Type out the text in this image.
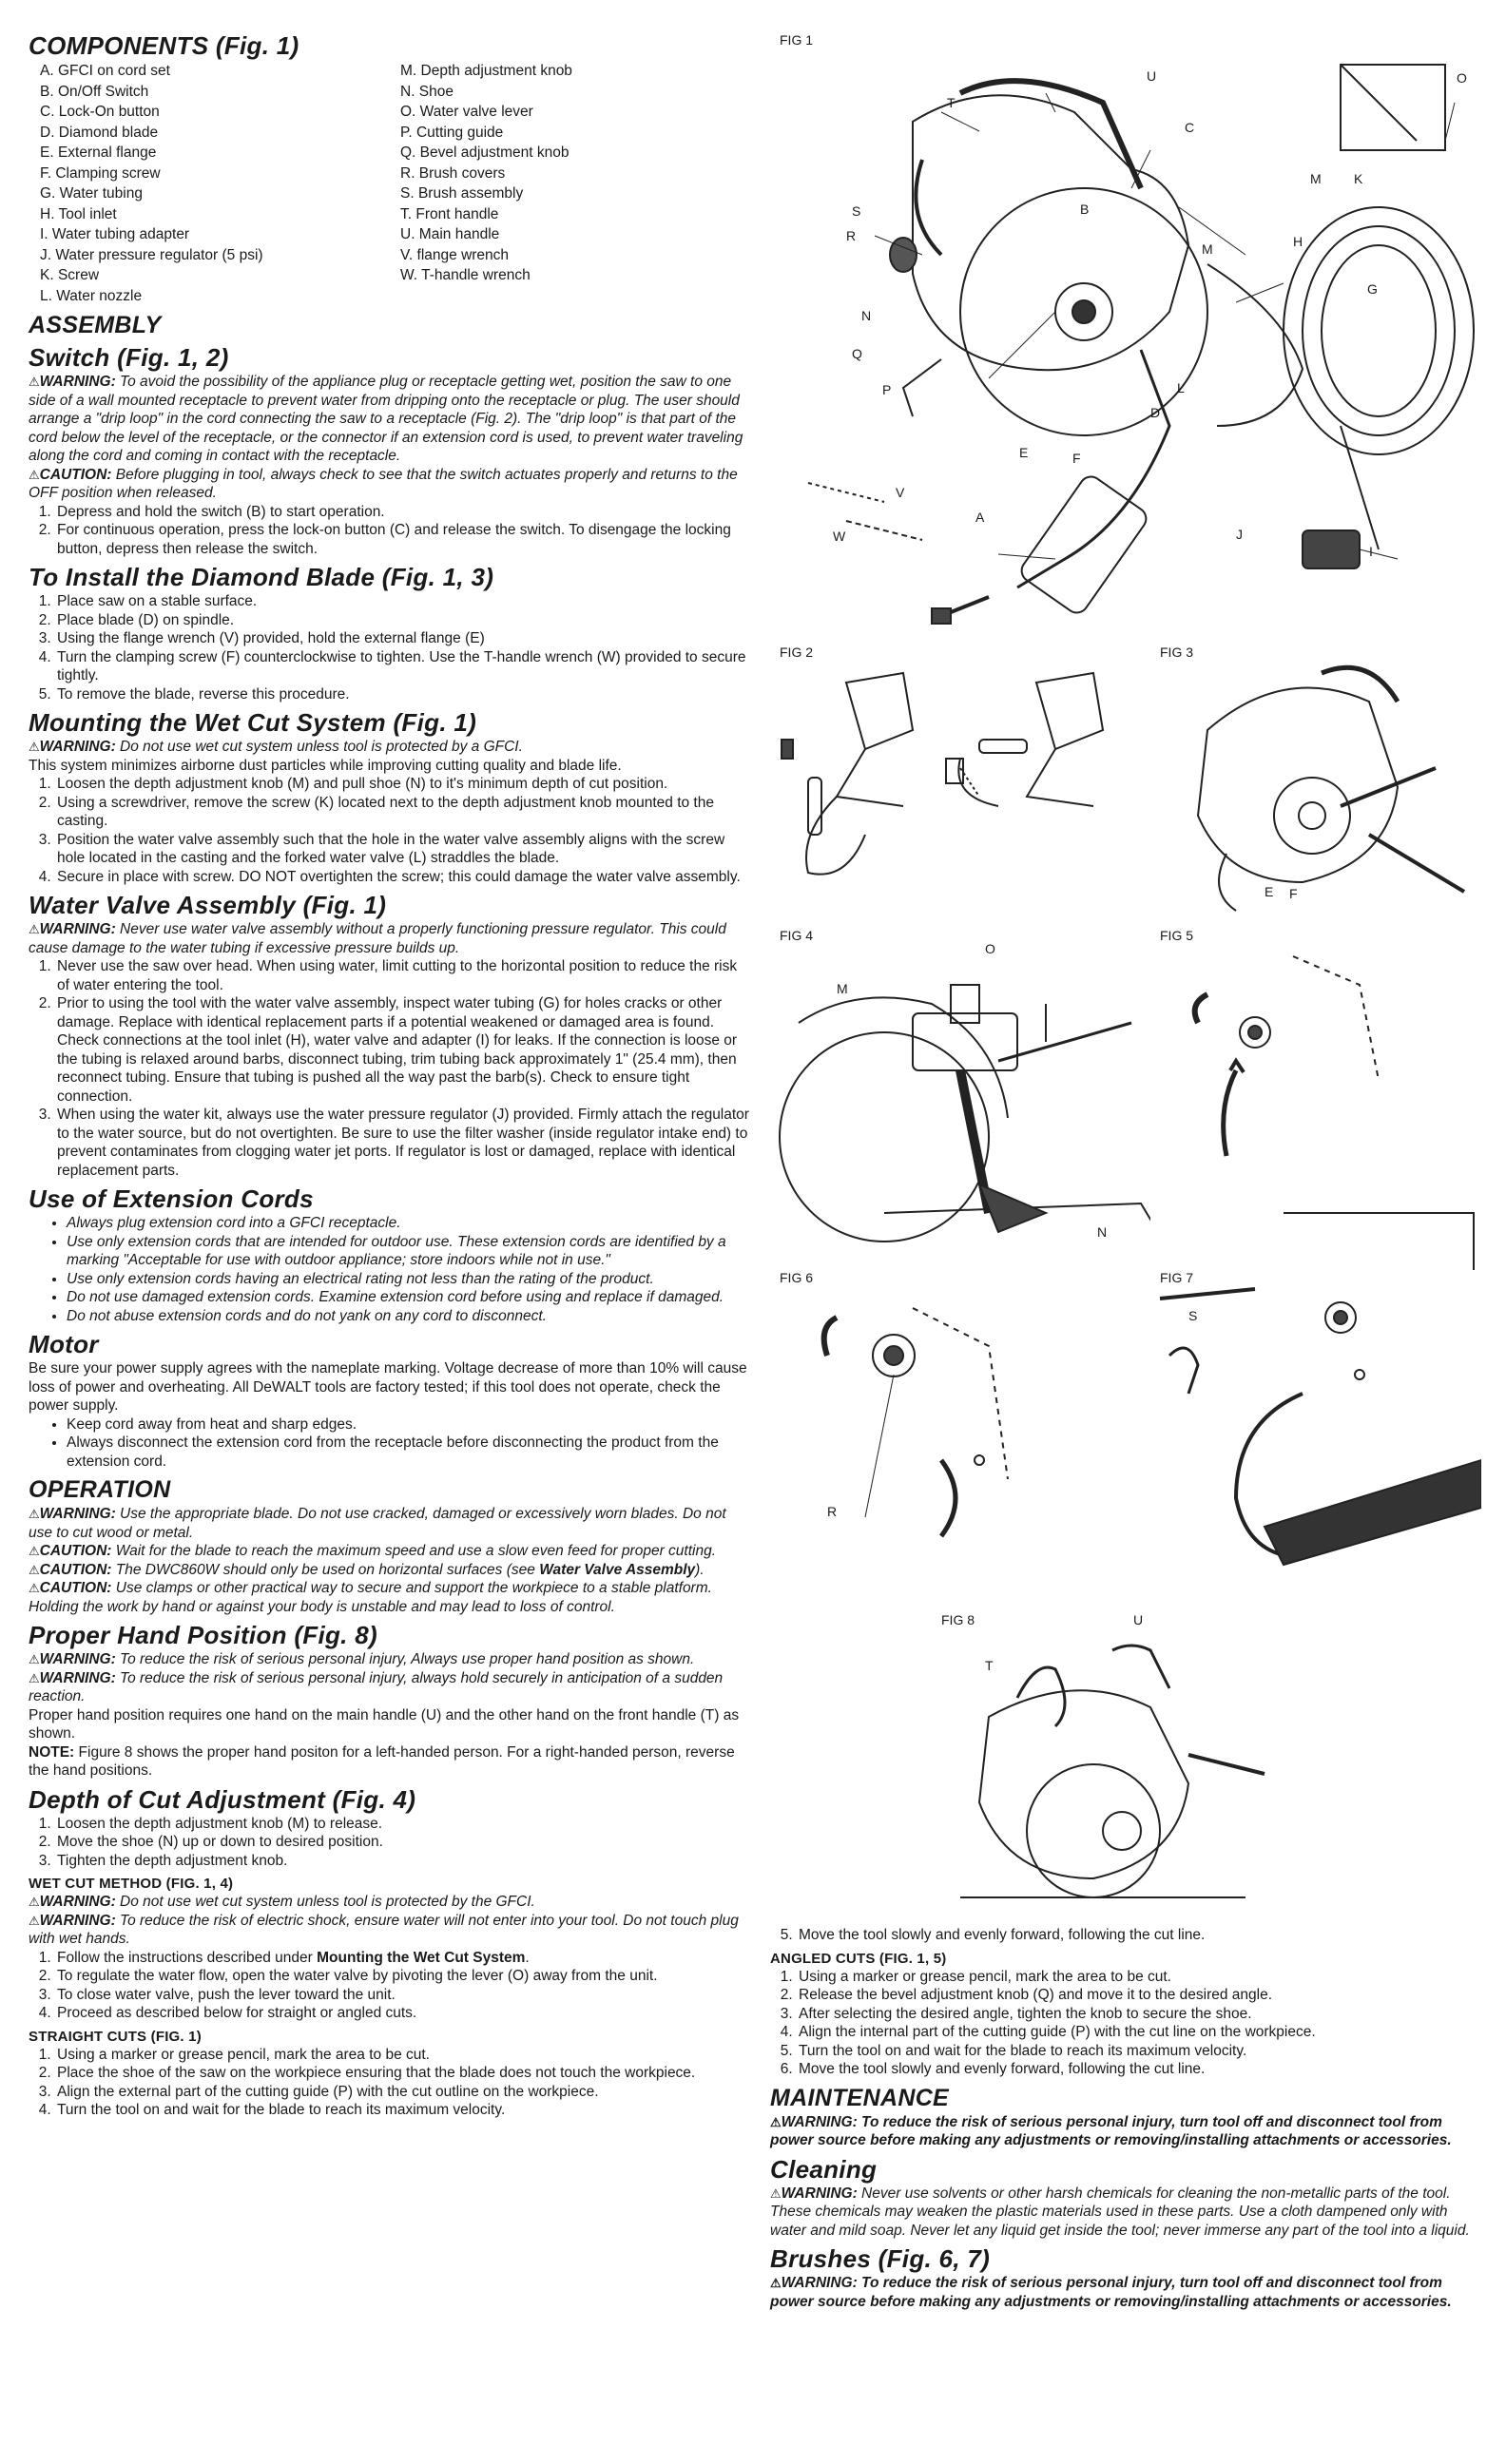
COMPONENTS (Fig. 1)
A. GFCI on cord set
B. On/Off Switch
C. Lock-On button
D. Diamond blade
E. External flange
F. Clamping screw
G. Water tubing
H. Tool inlet
I. Water tubing adapter
J. Water pressure regulator (5 psi)
K. Screw
L. Water nozzle
M. Depth adjustment knob
N. Shoe
O. Water valve lever
P. Cutting guide
Q. Bevel adjustment knob
R. Brush covers
S. Brush assembly
T. Front handle
U. Main handle
V. flange wrench
W. T-handle wrench
ASSEMBLY
Switch (Fig. 1, 2)

⚠WARNING: To avoid the possibility of the appliance plug or receptacle getting wet, position the saw to one side of a wall mounted receptacle to prevent water from dripping onto the receptacle or plug. The user should arrange a "drip loop" in the cord connecting the saw to a receptacle (Fig. 2). The "drip loop" is that part of the cord below the level of the receptacle, or the connector if an extension cord is used, to prevent water traveling along the cord and coming in contact with the receptacle.

⚠CAUTION: Before plugging in tool, always check to see that the switch actuates properly and returns to the OFF position when released.

1. Depress and hold the switch (B) to start operation.
2. For continuous operation, press the lock-on button (C) and release the switch. To disengage the locking button, depress then release the switch.
To Install the Diamond Blade (Fig. 1, 3)
1. Place saw on a stable surface.
2. Place blade (D) on spindle.
3. Using the flange wrench (V) provided, hold the external flange (E)
4. Turn the clamping screw (F) counterclockwise to tighten. Use the T-handle wrench (W) provided to secure tightly.
5. To remove the blade, reverse this procedure.
Mounting the Wet Cut System (Fig. 1)

⚠WARNING: Do not use wet cut system unless tool is protected by a GFCI.

This system minimizes airborne dust particles while improving cutting quality and blade life.

1. Loosen the depth adjustment knob (M) and pull shoe (N) to it's minimum depth of cut position.
2. Using a screwdriver, remove the screw (K) located next to the depth adjustment knob mounted to the casting.
3. Position the water valve assembly such that the hole in the water valve assembly aligns with the screw hole located in the casting and the forked water valve (L) straddles the blade.
4. Secure in place with screw. DO NOT overtighten the screw; this could damage the water valve assembly.
Water Valve Assembly (Fig. 1)

⚠WARNING: Never use water valve assembly without a properly functioning pressure regulator. This could cause damage to the water tubing if excessive pressure builds up.

1. Never use the saw over head. When using water, limit cutting to the horizontal position to reduce the risk of water entering the tool.
2. Prior to using the tool with the water valve assembly, inspect water tubing (G) for holes cracks or other damage. Replace with identical replacement parts if a potential weakened or damaged area is found. Check connections at the tool inlet (H), water valve and adapter (I) for leaks. If the connection is loose or the tubing is relaxed around barbs, disconnect tubing, trim tubing back approximately 1" (25.4 mm), then reconnect tubing. Ensure that tubing is pushed all the way past the barb(s). Check to ensure tight connection.
3. When using the water kit, always use the water pressure regulator (J) provided. Firmly attach the regulator to the water source, but do not overtighten. Be sure to use the filter washer (inside regulator intake end) to prevent contaminates from clogging water jet ports. If regulator is lost or damaged, replace with identical replacement parts.
Use of Extension Cords
• Always plug extension cord into a GFCI receptacle.
• Use only extension cords that are intended for outdoor use. These extension cords are identified by a marking "Acceptable for use with outdoor appliance; store indoors while not in use."
• Use only extension cords having an electrical rating not less than the rating of the product.
• Do not use damaged extension cords. Examine extension cord before using and replace if damaged.
• Do not abuse extension cords and do not yank on any cord to disconnect.
Motor

Be sure your power supply agrees with the nameplate marking. Voltage decrease of more than 10% will cause loss of power and overheating. All DeWALT tools are factory tested; if this tool does not operate, check the power supply.

• Keep cord away from heat and sharp edges.
• Always disconnect the extension cord from the receptacle before disconnecting the product from the extension cord.
OPERATION

⚠WARNING: Use the appropriate blade. Do not use cracked, damaged or excessively worn blades. Do not use to cut wood or metal.

⚠CAUTION: Wait for the blade to reach the maximum speed and use a slow even feed for proper cutting.

⚠CAUTION: The DWC860W should only be used on horizontal surfaces (see Water Valve Assembly).

⚠CAUTION: Use clamps or other practical way to secure and support the workpiece to a stable platform. Holding the work by hand or against your body is unstable and may lead to loss of control.

Proper Hand Position (Fig. 8)

⚠WARNING: To reduce the risk of serious personal injury, Always use proper hand position as shown.

⚠WARNING: To reduce the risk of serious personal injury, always hold securely in anticipation of a sudden reaction.

Proper hand position requires one hand on the main handle (U) and the other hand on the front handle (T) as shown.

NOTE: Figure 8 shows the proper hand positon for a left-handed person. For a right-handed person, reverse the hand positions.

Depth of Cut Adjustment (Fig. 4)
1. Loosen the depth adjustment knob (M) to release.
2. Move the shoe (N) up or down to desired position.
3. Tighten the depth adjustment knob.
WET CUT METHOD (FIG. 1, 4)

⚠WARNING: Do not use wet cut system unless tool is protected by the GFCI.

⚠WARNING: To reduce the risk of electric shock, ensure water will not enter into your tool. Do not touch plug with wet hands.

1. Follow the instructions described under Mounting the Wet Cut System.
2. To regulate the water flow, open the water valve by pivoting the lever (O) away from the unit.
3. To close water valve, push the lever toward the unit.
4. Proceed as described below for straight or angled cuts.
STRAIGHT CUTS (FIG. 1)
1. Using a marker or grease pencil, mark the area to be cut.
2. Place the shoe of the saw on the workpiece ensuring that the blade does not touch the workpiece.
3. Align the external part of the cutting guide (P) with the cut outline on the workpiece.
4. Turn the tool on and wait for the blade to reach its maximum velocity.
FIG 1
T
U	O
C
M K
S
R
B
M	H
G
N
Q
P	L
D
E	F
V
A
J
I
W
FIG 2	FIG 3
E F
FIG 4
M
O
N
FIG 5
FIG 6
R
FIG 7
S
FIG 8
T
U
5. Move the tool slowly and evenly forward, following the cut line.
ANGLED CUTS (FIG. 1, 5)
1. Using a marker or grease pencil, mark the area to be cut.
2. Release the bevel adjustment knob (Q) and move it to the desired angle.
3. After selecting the desired angle, tighten the knob to secure the shoe.
4. Align the internal part of the cutting guide (P) with the cut line on the workpiece.
5. Turn the tool on and wait for the blade to reach its maximum velocity.
6. Move the tool slowly and evenly forward, following the cut line.
MAINTENANCE

⚠WARNING: To reduce the risk of serious personal injury, turn tool off and disconnect tool from power source before making any adjustments or removing/installing attachments or accessories.

Cleaning

⚠WARNING: Never use solvents or other harsh chemicals for cleaning the non-metallic parts of the tool. These chemicals may weaken the plastic materials used in these parts. Use a cloth dampened only with water and mild soap. Never let any liquid get inside the tool; never immerse any part of the tool into a liquid.

Brushes (Fig. 6, 7)

⚠WARNING: To reduce the risk of serious personal injury, turn tool off and disconnect tool from power source before making any adjustments or removing/installing attachments or accessories.
